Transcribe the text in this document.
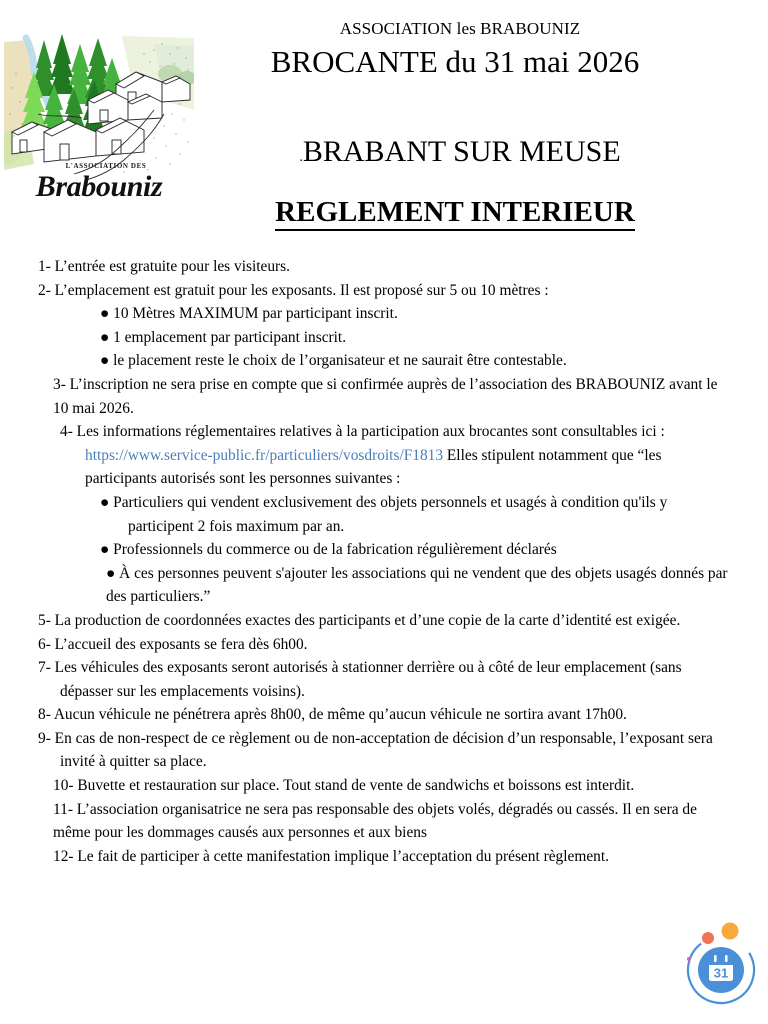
L'ASSOCIATION DES
Brabouniz
ASSOCIATION les BRABOUNIZ
BROCANTE du 31 mai 2026
.BRABANT SUR MEUSE
REGLEMENT INTERIEUR
1- L’entrée est gratuite pour les visiteurs.
2- L’emplacement est gratuit pour les exposants. Il est proposé sur 5 ou 10 mètres :
● 10 Mètres MAXIMUM par participant inscrit.
● 1 emplacement par participant inscrit.
● le placement reste le choix de l’organisateur et ne saurait être contestable.
3- L’inscription ne sera prise en compte que si confirmée auprès de l’association des BRABOUNIZ avant le 10 mai 2026.
4- Les informations réglementaires relatives à la participation aux brocantes sont consultables ici : https://www.service-public.fr/particuliers/vosdroits/F1813 Elles stipulent notamment que “les participants autorisés sont les personnes suivantes :
● Particuliers qui vendent exclusivement des objets personnels et usagés à condition qu'ils y participent 2 fois maximum par an.
● Professionnels du commerce ou de la fabrication régulièrement déclarés
● À ces personnes peuvent s'ajouter les associations qui ne vendent que des objets usagés donnés par des particuliers.”
5- La production de coordonnées exactes des participants et d’une copie de la carte d’identité est exigée.
6- L’accueil des exposants se fera dès 6h00.
7- Les véhicules des exposants seront autorisés à stationner derrière ou à côté de leur emplacement (sans dépasser sur les emplacements voisins).
8- Aucun véhicule ne pénétrera après 8h00, de même qu’aucun véhicule ne sortira avant 17h00.
9- En cas de non-respect de ce règlement ou de non-acceptation de décision d’un responsable, l’exposant sera invité à quitter sa place.
10- Buvette et restauration sur place. Tout stand de vente de sandwichs et boissons est interdit.
11- L’association organisatrice ne sera pas responsable des objets volés, dégradés ou cassés. Il en sera de même pour les dommages causés aux personnes et aux biens
12- Le fait de participer à cette manifestation implique l’acceptation du présent règlement.
31
